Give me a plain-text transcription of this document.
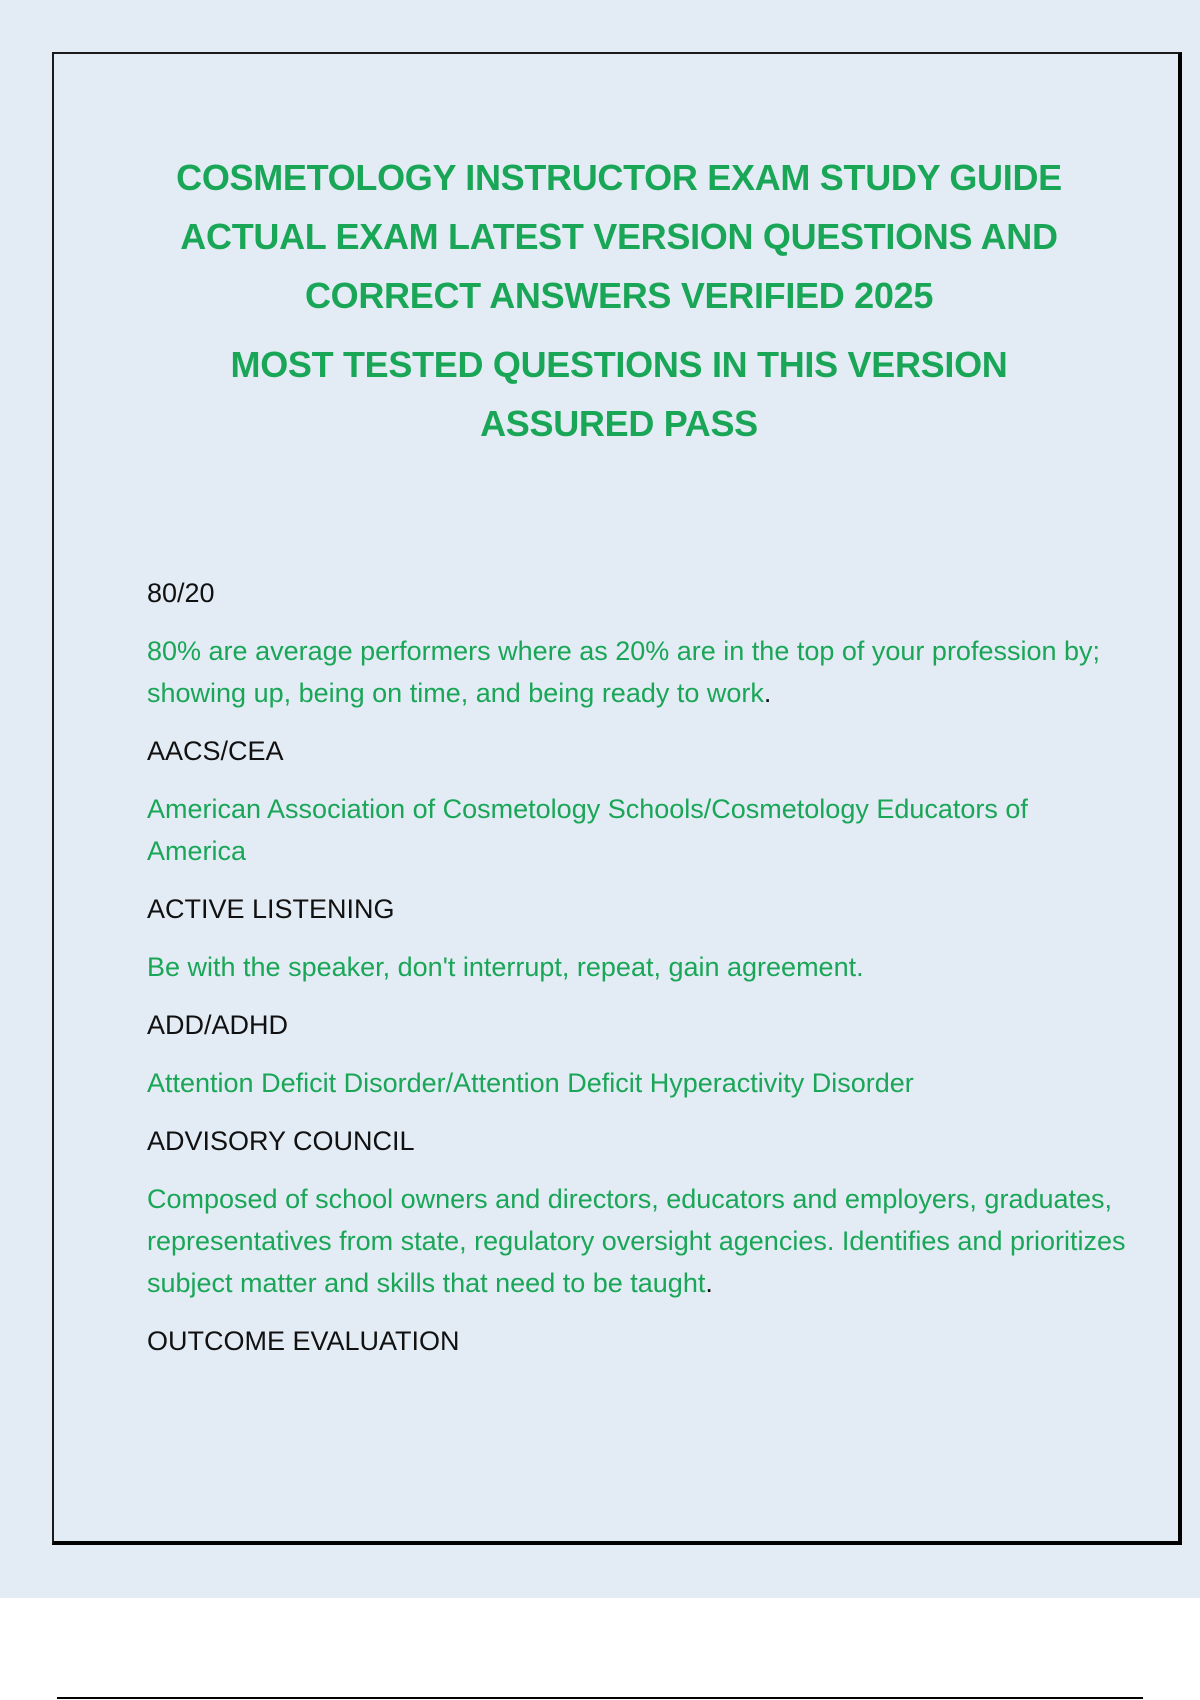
COSMETOLOGY INSTRUCTOR EXAM STUDY GUIDE ACTUAL EXAM LATEST VERSION QUESTIONS AND CORRECT ANSWERS VERIFIED 2025
MOST TESTED QUESTIONS IN THIS VERSION ASSURED PASS
80/20
80% are average performers where as 20% are in the top of your profession by; showing up, being on time, and being ready to work.
AACS/CEA
American Association of Cosmetology Schools/Cosmetology Educators of America
ACTIVE LISTENING
Be with the speaker, don't interrupt, repeat, gain agreement.
ADD/ADHD
Attention Deficit Disorder/Attention Deficit Hyperactivity Disorder
ADVISORY COUNCIL
Composed of school owners and directors, educators and employers, graduates, representatives from state, regulatory oversight agencies. Identifies and prioritizes subject matter and skills that need to be taught.
OUTCOME EVALUATION
